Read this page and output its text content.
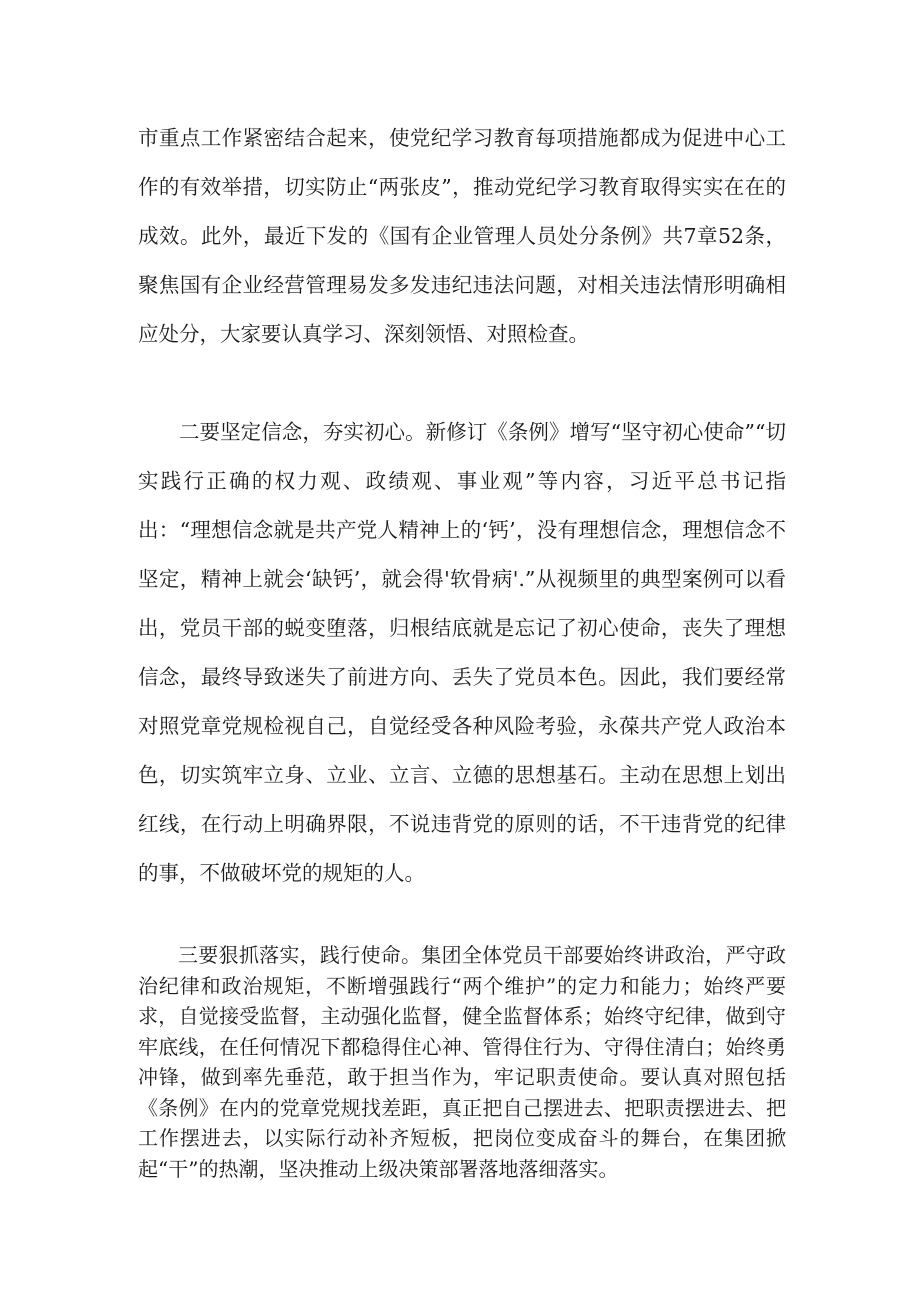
市重点工作紧密结合起来，使党纪学习教育每项措施都成为促进中心工作的有效举措，切实防止“两张皮”，推动党纪学习教育取得实实在在的成效。此外，最近下发的《国有企业管理人员处分条例》共7章52条，聚焦国有企业经营管理易发多发违纪违法问题，对相关违法情形明确相应处分，大家要认真学习、深刻领悟、对照检查。

二要坚定信念，夯实初心。新修订《条例》增写“坚守初心使命”“切实践行正确的权力观、政绩观、事业观”等内容，习近平总书记指出：“理想信念就是共产党人精神上的‘钙’，没有理想信念，理想信念不坚定，精神上就会‘缺钙’，就会得'软骨病'.”从视频里的典型案例可以看出，党员干部的蜕变堕落，归根结底就是忘记了初心使命，丧失了理想信念，最终导致迷失了前进方向、丢失了党员本色。因此，我们要经常对照党章党规检视自己，自觉经受各种风险考验，永葆共产党人政治本色，切实筑牢立身、立业、立言、立德的思想基石。主动在思想上划出红线，在行动上明确界限，不说违背党的原则的话，不干违背党的纪律的事，不做破坏党的规矩的人。

三要狠抓落实，践行使命。集团全体党员干部要始终讲政治，严守政治纪律和政治规矩，不断增强践行“两个维护”的定力和能力；始终严要求，自觉接受监督，主动强化监督，健全监督体系；始终守纪律，做到守牢底线，在任何情况下都稳得住心神、管得住行为、守得住清白；始终勇冲锋，做到率先垂范，敢于担当作为，牢记职责使命。要认真对照包括《条例》在内的党章党规找差距，真正把自己摆进去、把职责摆进去、把工作摆进去，以实际行动补齐短板，把岗位变成奋斗的舞台，在集团掀起“干”的热潮，坚决推动上级决策部署落地落细落实。
